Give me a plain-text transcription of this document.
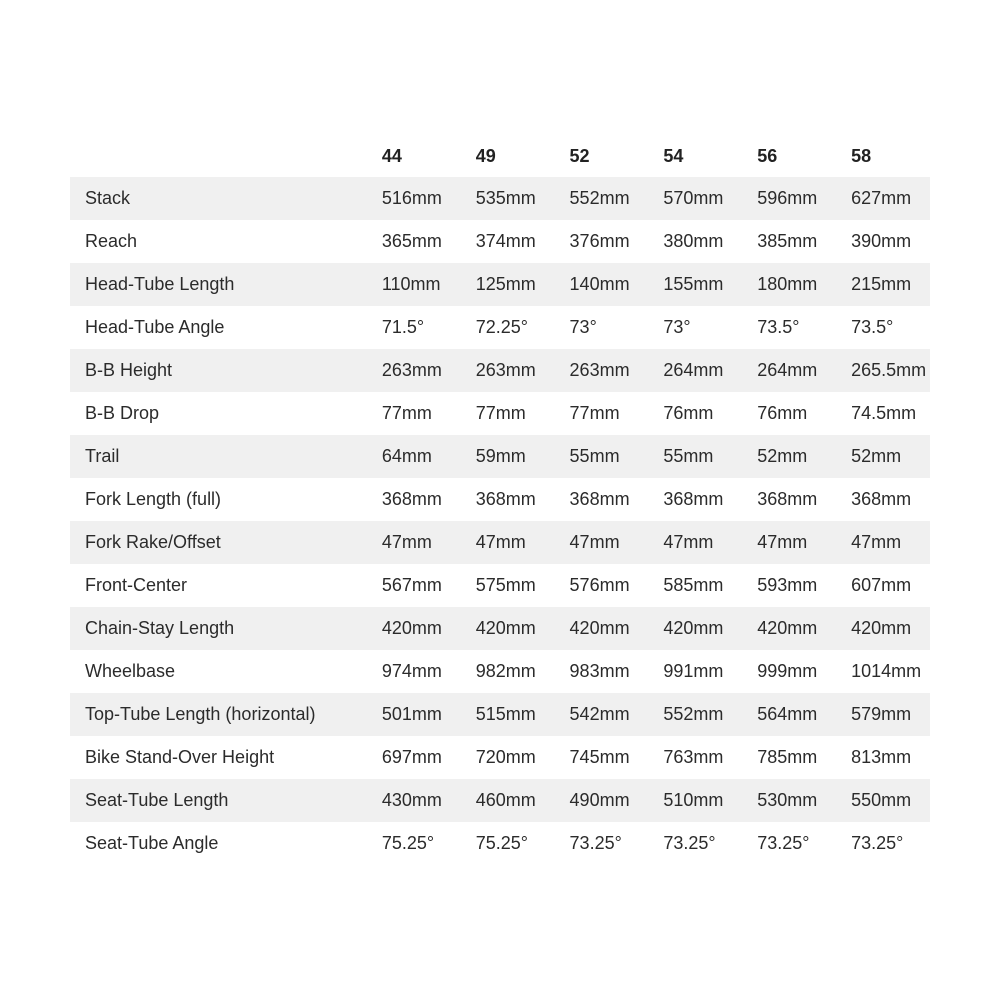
	44	49	52	54	56	58
Stack	516mm	535mm	552mm	570mm	596mm	627mm
Reach	365mm	374mm	376mm	380mm	385mm	390mm
Head-Tube Length	110mm	125mm	140mm	155mm	180mm	215mm
Head-Tube Angle	71.5°	72.25°	73°	73°	73.5°	73.5°
B-B Height	263mm	263mm	263mm	264mm	264mm	265.5mm
B-B Drop	77mm	77mm	77mm	76mm	76mm	74.5mm
Trail	64mm	59mm	55mm	55mm	52mm	52mm
Fork Length (full)	368mm	368mm	368mm	368mm	368mm	368mm
Fork Rake/Offset	47mm	47mm	47mm	47mm	47mm	47mm
Front-Center	567mm	575mm	576mm	585mm	593mm	607mm
Chain-Stay Length	420mm	420mm	420mm	420mm	420mm	420mm
Wheelbase	974mm	982mm	983mm	991mm	999mm	1014mm
Top-Tube Length (horizontal)	501mm	515mm	542mm	552mm	564mm	579mm
Bike Stand-Over Height	697mm	720mm	745mm	763mm	785mm	813mm
Seat-Tube Length	430mm	460mm	490mm	510mm	530mm	550mm
Seat-Tube Angle	75.25°	75.25°	73.25°	73.25°	73.25°	73.25°
